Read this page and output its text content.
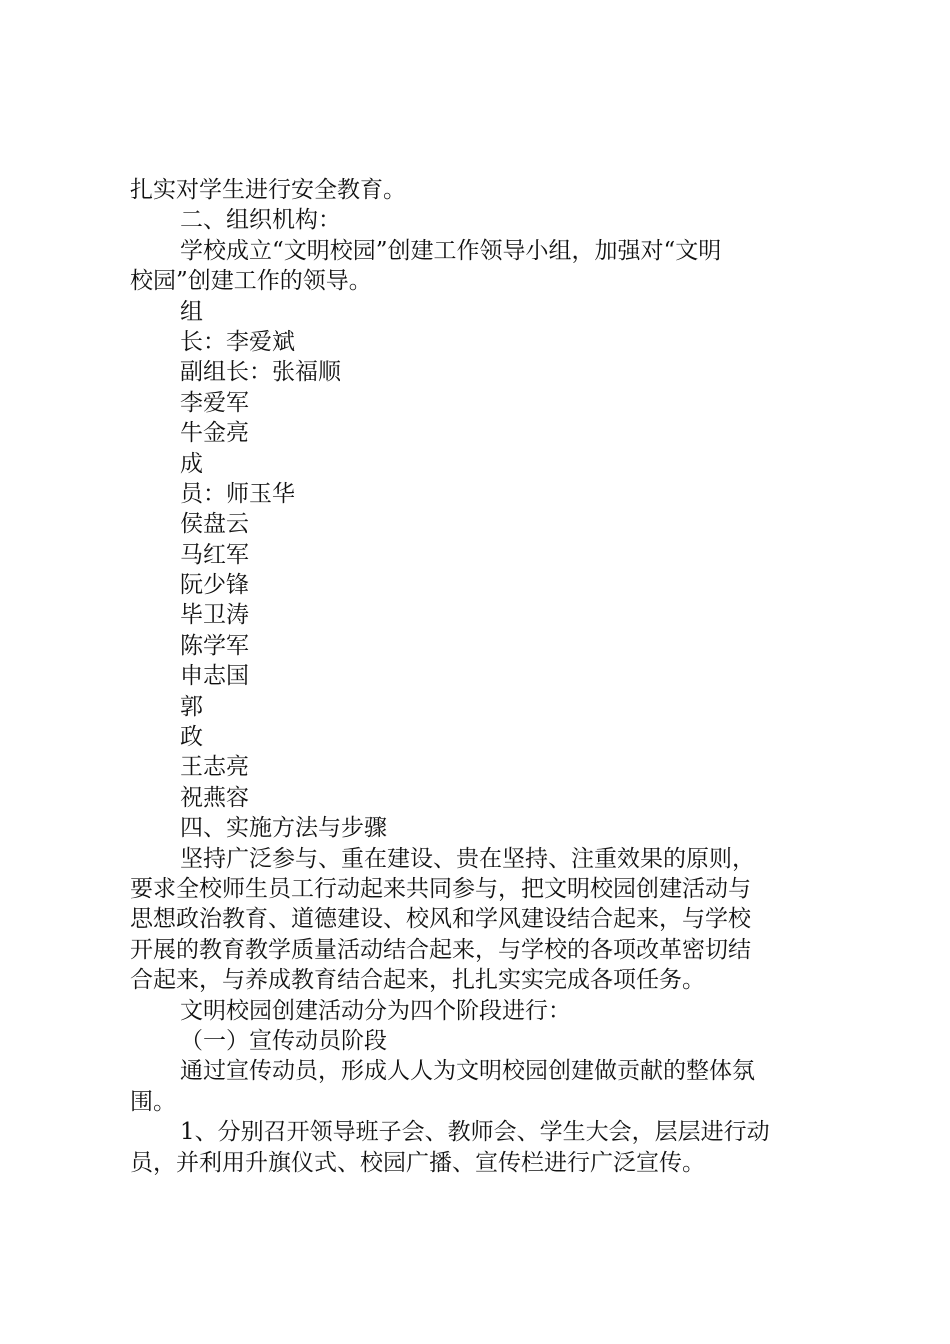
扎实对学生进行安全教育。
二、组织机构：
学校成立“文明校园”创建工作领导小组，加强对“文明
校园”创建工作的领导。
组
长：李爱斌
副组长：张福顺
李爱军
牛金亮
成
员：师玉华
侯盘云
马红军
阮少锋
毕卫涛
陈学军
申志国
郭
政
王志亮
祝燕容
四、实施方法与步骤
坚持广泛参与、重在建设、贵在坚持、注重效果的原则，
要求全校师生员工行动起来共同参与，把文明校园创建活动与
思想政治教育、道德建设、校风和学风建设结合起来，与学校
开展的教育教学质量活动结合起来，与学校的各项改革密切结
合起来，与养成教育结合起来，扎扎实实完成各项任务。
文明校园创建活动分为四个阶段进行：
（一）宣传动员阶段
通过宣传动员，形成人人为文明校园创建做贡献的整体氛
围。
1、分别召开领导班子会、教师会、学生大会，层层进行动
员，并利用升旗仪式、校园广播、宣传栏进行广泛宣传。
